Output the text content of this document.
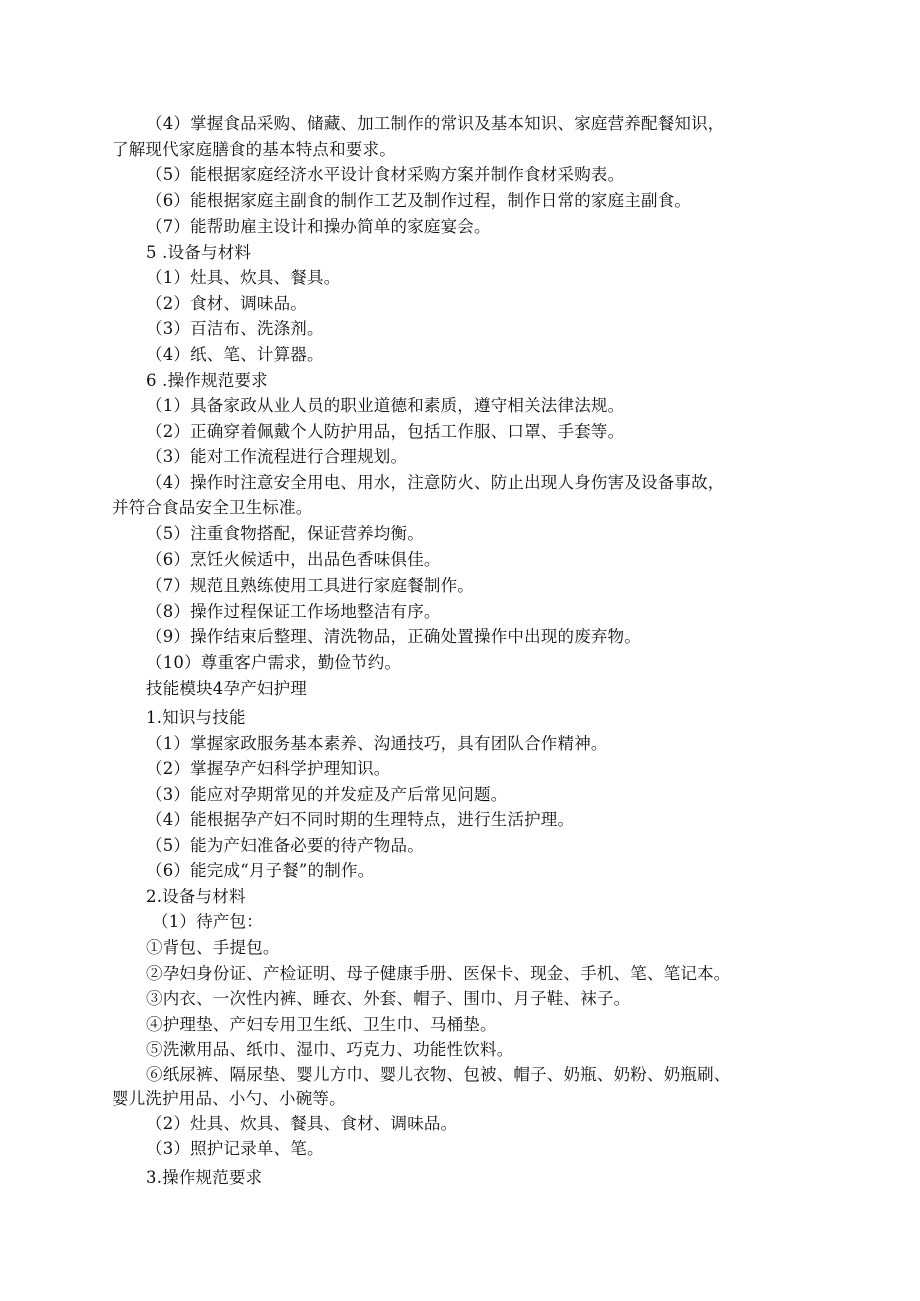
（4）掌握食品采购、储藏、加工制作的常识及基本知识、家庭营养配餐知识，
了解现代家庭膳食的基本特点和要求。
（5）能根据家庭经济水平设计食材采购方案并制作食材采购表。
（6）能根据家庭主副食的制作工艺及制作过程，制作日常的家庭主副食。
（7）能帮助雇主设计和操办简单的家庭宴会。
5 .设备与材料
（1）灶具、炊具、餐具。
（2）食材、调味品。
（3）百洁布、洗涤剂。
（4）纸、笔、计算器。
6 .操作规范要求
（1）具备家政从业人员的职业道德和素质，遵守相关法律法规。
（2）正确穿着佩戴个人防护用品，包括工作服、口罩、手套等。
（3）能对工作流程进行合理规划。
（4）操作时注意安全用电、用水，注意防火、防止出现人身伤害及设备事故，
并符合食品安全卫生标准。
（5）注重食物搭配，保证营养均衡。
（6）烹饪火候适中，出品色香味俱佳。
（7）规范且熟练使用工具进行家庭餐制作。
（8）操作过程保证工作场地整洁有序。
（9）操作结束后整理、清洗物品，正确处置操作中出现的废弃物。
（10）尊重客户需求，勤俭节约。
技能模块4孕产妇护理
1.知识与技能
（1）掌握家政服务基本素养、沟通技巧，具有团队合作精神。
（2）掌握孕产妇科学护理知识。
（3）能应对孕期常见的并发症及产后常见问题。
（4）能根据孕产妇不同时期的生理特点，进行生活护理。
（5）能为产妇准备必要的待产物品。
（6）能完成“月子餐”的制作。
2.设备与材料
（1）待产包：
①背包、手提包。
②孕妇身份证、产检证明、母子健康手册、医保卡、现金、手机、笔、笔记本。
③内衣、一次性内裤、睡衣、外套、帽子、围巾、月子鞋、袜子。
④护理垫、产妇专用卫生纸、卫生巾、马桶垫。
⑤洗漱用品、纸巾、湿巾、巧克力、功能性饮料。
⑥纸尿裤、隔尿垫、婴儿方巾、婴儿衣物、包被、帽子、奶瓶、奶粉、奶瓶刷、
婴儿洗护用品、小勺、小碗等。
（2）灶具、炊具、餐具、食材、调味品。
（3）照护记录单、笔。
3.操作规范要求
